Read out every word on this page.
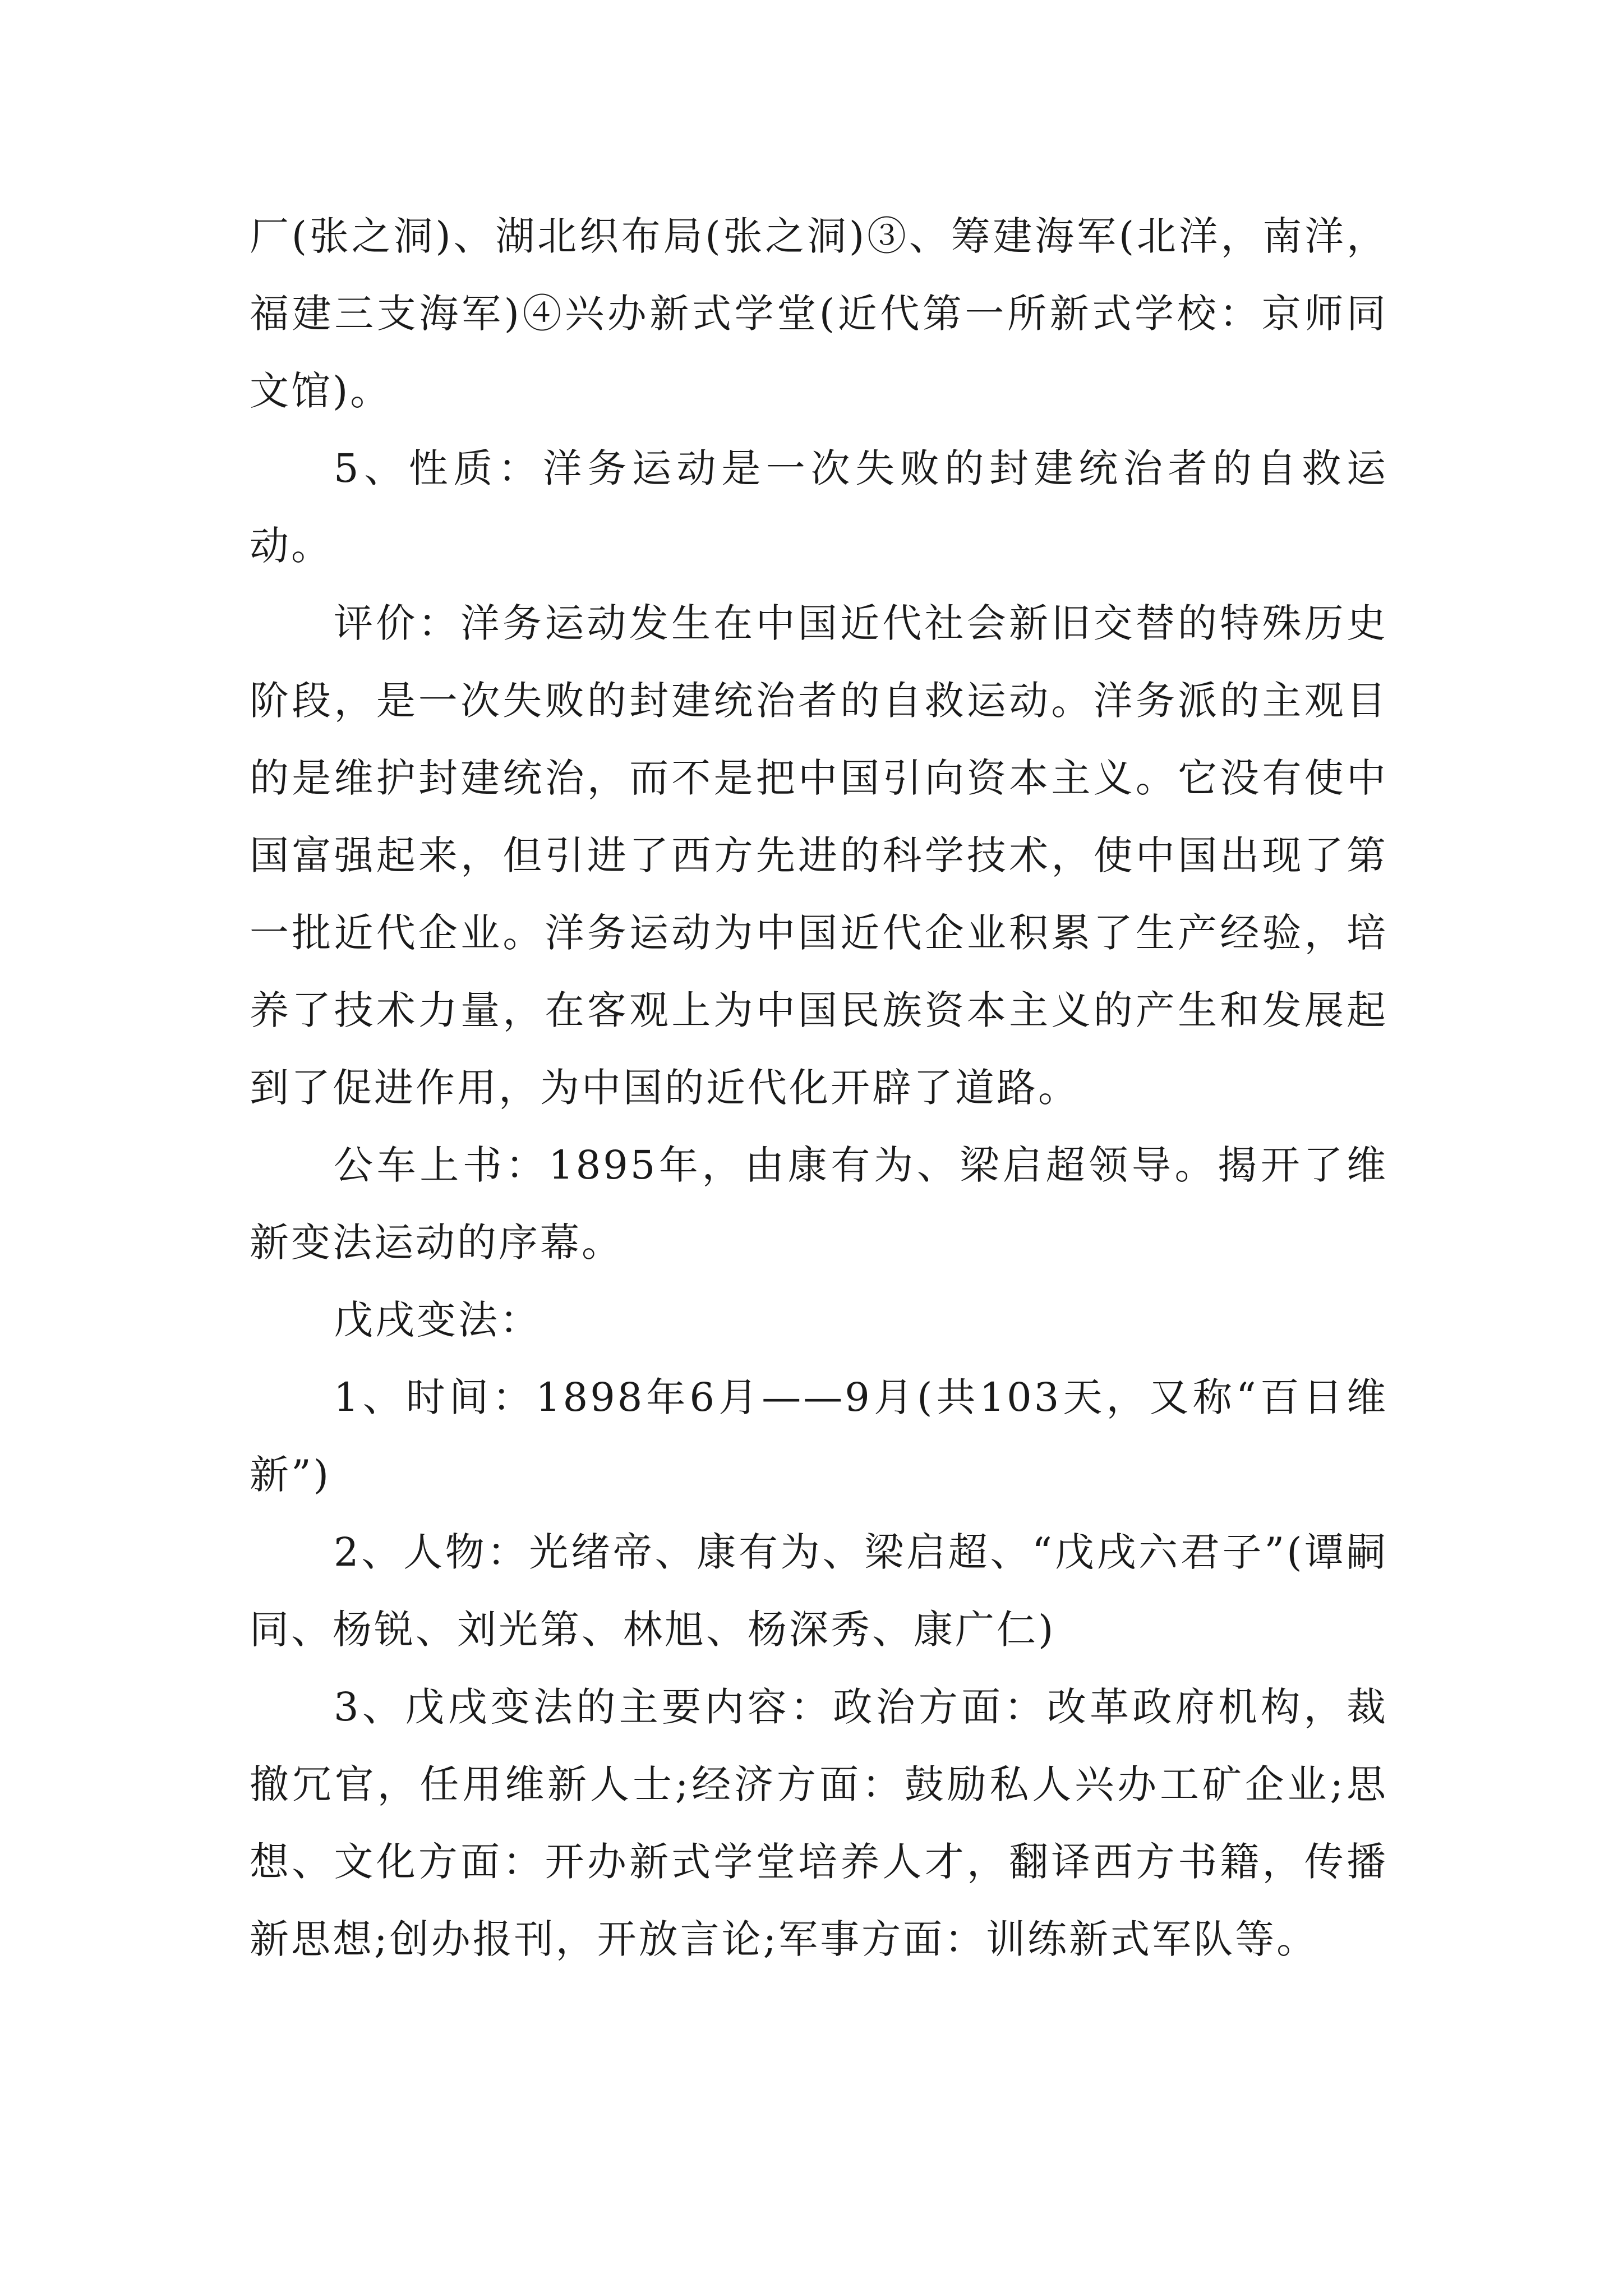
厂(张之洞)、湖北织布局(张之洞)③、筹建海军(北洋，南洋，福建三支海军)④兴办新式学堂(近代第一所新式学校：京师同文馆)。

5、性质：洋务运动是一次失败的封建统治者的自救运动。

评价：洋务运动发生在中国近代社会新旧交替的特殊历史阶段，是一次失败的封建统治者的自救运动。洋务派的主观目的是维护封建统治，而不是把中国引向资本主义。它没有使中国富强起来，但引进了西方先进的科学技术，使中国出现了第一批近代企业。洋务运动为中国近代企业积累了生产经验，培养了技术力量，在客观上为中国民族资本主义的产生和发展起到了促进作用，为中国的近代化开辟了道路。

公车上书：1895年，由康有为、梁启超领导。揭开了维新变法运动的序幕。

戊戌变法：

1、时间：1898年6月——9月(共103天，又称“百日维新”)

2、人物：光绪帝、康有为、梁启超、“戊戌六君子”(谭嗣同、杨锐、刘光第、林旭、杨深秀、康广仁)

3、戊戌变法的主要内容：政治方面：改革政府机构，裁撤冗官，任用维新人士;经济方面：鼓励私人兴办工矿企业;思想、文化方面：开办新式学堂培养人才，翻译西方书籍，传播新思想;创办报刊，开放言论;军事方面：训练新式军队等。
